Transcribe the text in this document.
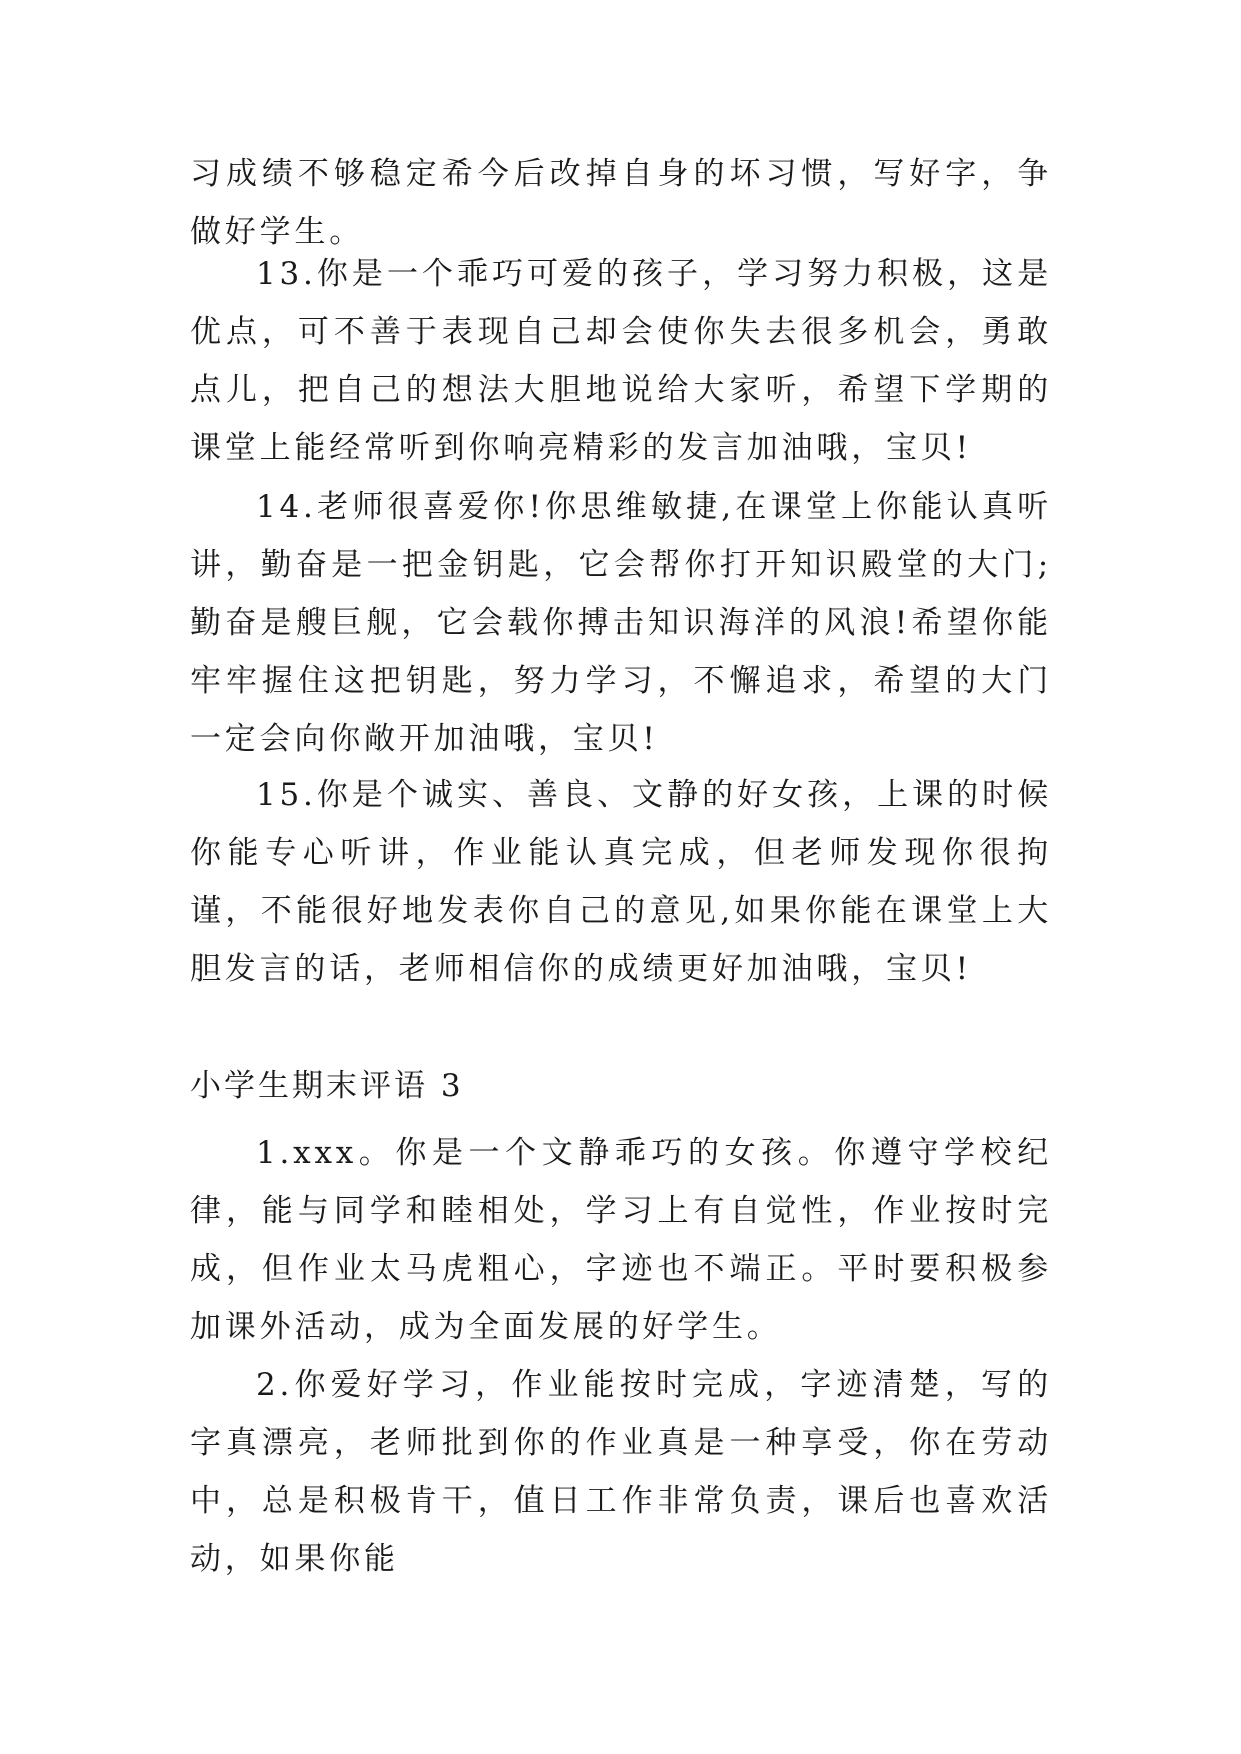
习成绩不够稳定希今后改掉自身的坏习惯，写好字，争做好学生。

13.你是一个乖巧可爱的孩子，学习努力积极，这是优点，可不善于表现自己却会使你失去很多机会，勇敢点儿，把自己的想法大胆地说给大家听，希望下学期的课堂上能经常听到你响亮精彩的发言加油哦，宝贝!

14.老师很喜爱你!你思维敏捷,在课堂上你能认真听讲，勤奋是一把金钥匙，它会帮你打开知识殿堂的大门;勤奋是艘巨舰，它会载你搏击知识海洋的风浪!希望你能牢牢握住这把钥匙，努力学习，不懈追求，希望的大门一定会向你敞开加油哦，宝贝!

15.你是个诚实、善良、文静的好女孩，上课的时候你能专心听讲，作业能认真完成，但老师发现你很拘谨，不能很好地发表你自己的意见,如果你能在课堂上大胆发言的话，老师相信你的成绩更好加油哦，宝贝!

小学生期末评语 3

1.xxx。你是一个文静乖巧的女孩。你遵守学校纪律，能与同学和睦相处，学习上有自觉性，作业按时完成，但作业太马虎粗心，字迹也不端正。平时要积极参加课外活动，成为全面发展的好学生。

2.你爱好学习，作业能按时完成，字迹清楚，写的字真漂亮，老师批到你的作业真是一种享受，你在劳动中，总是积极肯干，值日工作非常负责，课后也喜欢活动，如果你能
